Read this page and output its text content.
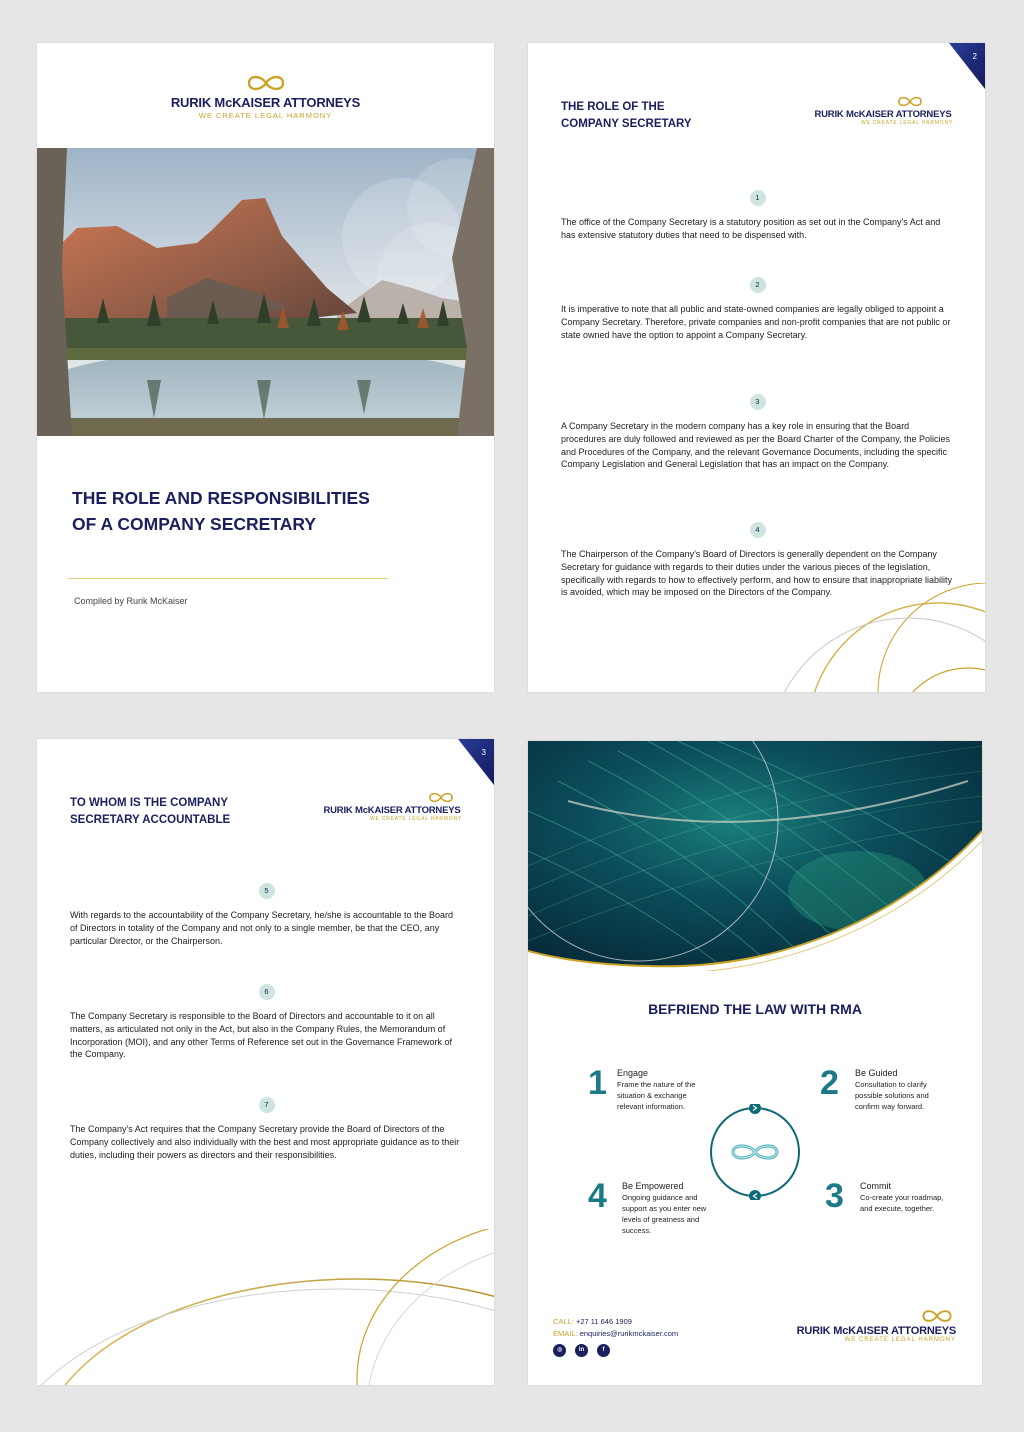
RURIK McKAISER ATTORNEYS
WE CREATE LEGAL HARMONY
THE ROLE AND RESPONSIBILITIES
OF A COMPANY SECRETARY
Compiled by Rurik McKaiser
2
THE ROLE OF THE
COMPANY SECRETARY
RURIK McKAISER ATTORNEYS
WE CREATE LEGAL HARMONY
1

The office of the Company Secretary is a statutory position as set out in the Company's Act and has extensive statutory duties that need to be dispensed with.

2

It is imperative to note that all public and state-owned companies are legally obliged to appoint a Company Secretary. Therefore, private companies and non-profit companies that are not public or state owned have the option to appoint a Company Secretary.

3

A Company Secretary in the modern company has a key role in ensuring that the Board procedures are duly followed and reviewed as per the Board Charter of the Company, the Policies and Procedures of the Company, and the relevant Governance Documents, including the specific Company Legislation and General Legislation that has an impact on the Company.

4

The Chairperson of the Company's Board of Directors is generally dependent on the Company Secretary for guidance with regards to their duties under the various pieces of the legislation, specifically with regards to how to effectively perform, and how to ensure that inappropriate liability is avoided, which may be imposed on the Directors of the Company.

3
TO WHOM IS THE COMPANY
SECRETARY ACCOUNTABLE
RURIK McKAISER ATTORNEYS
WE CREATE LEGAL HARMONY
5

With regards to the accountability of the Company Secretary, he/she is accountable to the Board of Directors in totality of the Company and not only to a single member, be that the CEO, any particular Director, or the Chairperson.

6

The Company Secretary is responsible to the Board of Directors and accountable to it on all matters, as articulated not only in the Act, but also in the Company Rules, the Memorandum of Incorporation (MOI), and any other Terms of Reference set out in the Governance Framework of the Company.

7

The Company's Act requires that the Company Secretary provide the Board of Directors of the Company collectively and also individually with the best and most appropriate guidance as to their duties, including their powers as directors and their responsibilities.

BEFRIEND THE LAW WITH RMA
1 Engage
Frame the nature of the situation & exchange relevant information.
2 Be Guided
Consultation to clarify possible solutions and confirm way forward.
3 Commit
Co-create your roadmap, and execute, together.
4 Be Empowered
Ongoing guidance and support as you enter new levels of greatness and success.
CALL: +27 11 646 1909
EMAIL: enquiries@rurikmckaiser.com
◍	in	f
RURIK McKAISER ATTORNEYS
WE CREATE LEGAL HARMONY
